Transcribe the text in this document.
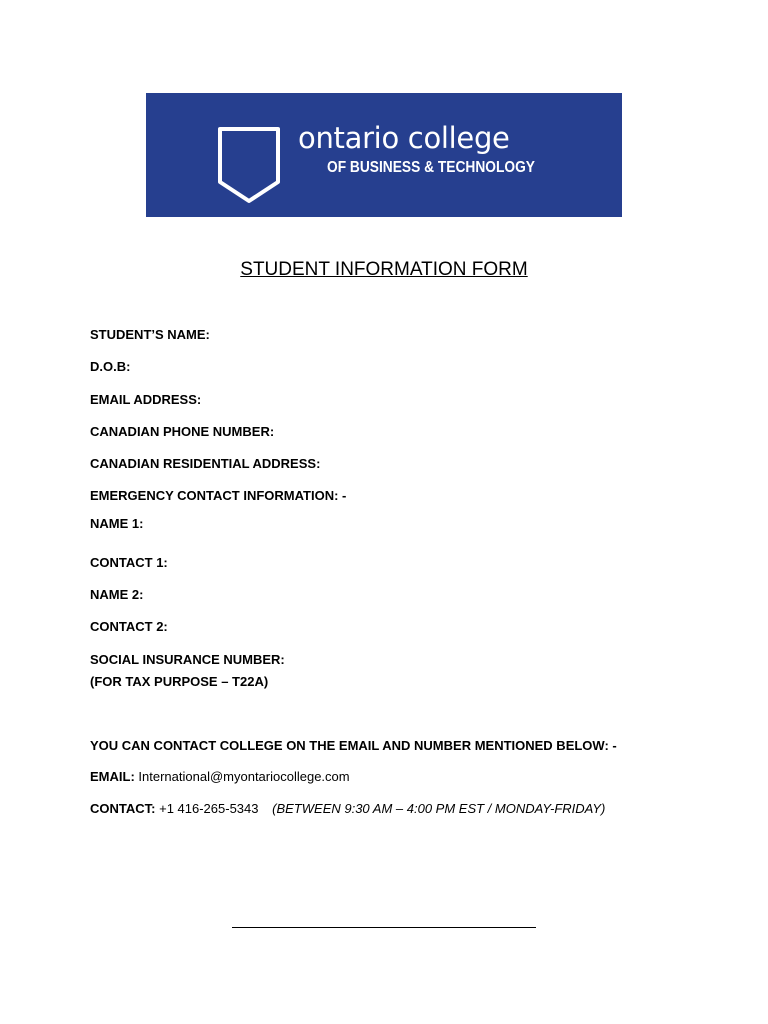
ontario college
OF BUSINESS & TECHNOLOGY
STUDENT INFORMATION FORM
STUDENT’S NAME:
D.O.B:
EMAIL ADDRESS:
CANADIAN PHONE NUMBER:
CANADIAN RESIDENTIAL ADDRESS:
EMERGENCY CONTACT INFORMATION: -
NAME 1:
CONTACT 1:
NAME 2:
CONTACT 2:
SOCIAL INSURANCE NUMBER:
(FOR TAX PURPOSE – T22A)
YOU CAN CONTACT COLLEGE ON THE EMAIL AND NUMBER MENTIONED BELOW: -
EMAIL: International@myontariocollege.com
CONTACT: +1 416-265-5343 (BETWEEN 9:30 AM – 4:00 PM EST / MONDAY-FRIDAY)
